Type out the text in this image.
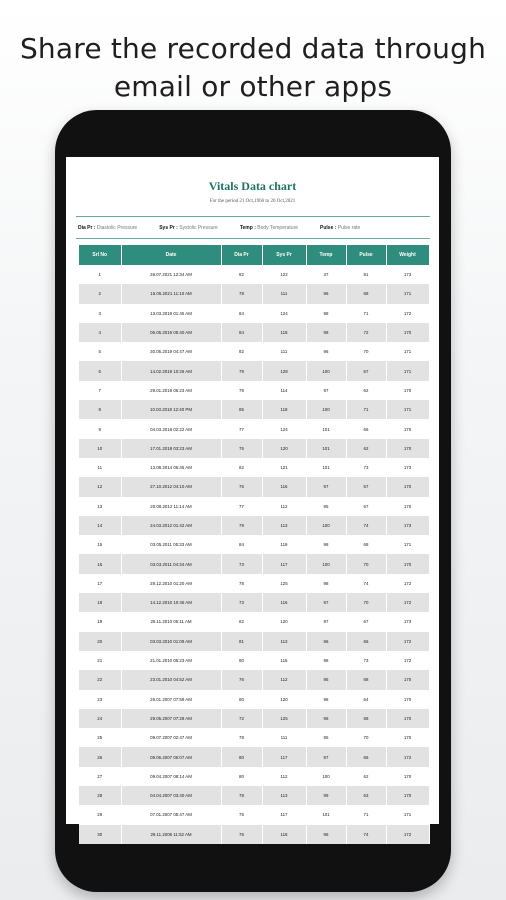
Share the recorded data through
email or other apps
Vitals Data chart
For the period 21 Oct,1966 to 26 Oct,2021
Dia Pr : Diastolic Pressure	Sys Pr : Systolic Pressure	Temp : Body Temperature	Pulse : Pulse rate
Srl No	Date	Dia Pr	Sys Pr	Temp	Pulse	Weight
1	26.07.2021 12:34 AM	82	122	37	91	173
2	15.05.2021 11:10 AM	78	111	96	68	171
3	13.03.2019 01:45 AM	84	124	98	71	172
4	06.05.2019 05:40 AM	84	118	98	72	170
5	30.05.2019 04:47 AM	82	111	96	70	171
6	14.02.2019 10:26 AM	79	128	100	67	171
7	29.01.2019 06:23 AM	79	114	97	62	170
8	10.03.2018 12:40 PM	85	118	100	71	171
9	04.03.2018 02:22 AM	77	124	101	66	170
10	17.01.2018 03:23 AM	75	120	101	62	170
11	13.08.2014 06:45 AM	82	121	101	73	173
12	27.10.2012 04:10 AM	76	116	97	67	170
13	20.08.2012 11:14 AM	77	112	95	67	170
14	24.03.2012 01:42 AM	79	113	100	74	173
15	03.05.2011 05:33 AM	84	119	98	68	171
16	03.03.2011 04:34 AM	73	117	100	70	170
17	29.12.2010 01:20 AM	78	125	98	74	172
18	14.12.2010 10:45 AM	73	116	97	70	172
19	25.11.2010 05:11 AM	82	120	97	67	173
20	03.03.2010 01:09 AM	81	113	96	66	172
21	21.01.2010 05:23 AM	80	116	98	73	172
22	23.01.2010 04:52 AM	76	112	95	68	170
23	26.01.2007 07:59 AM	80	120	98	64	170
24	29.05.2007 07:28 AM	72	125	96	68	170
25	09.07.2007 02:47 AM	78	111	95	70	170
26	09.06.2007 06:07 AM	80	117	97	66	172
27	09.04.2007 08:14 AM	80	112	100	62	170
28	04.04.2007 03:40 AM	78	113	99	63	170
29	07.01.2007 05:47 AM	75	117	101	71	171
30	29.11.2006 11:52 AM	76	118	96	74	172
